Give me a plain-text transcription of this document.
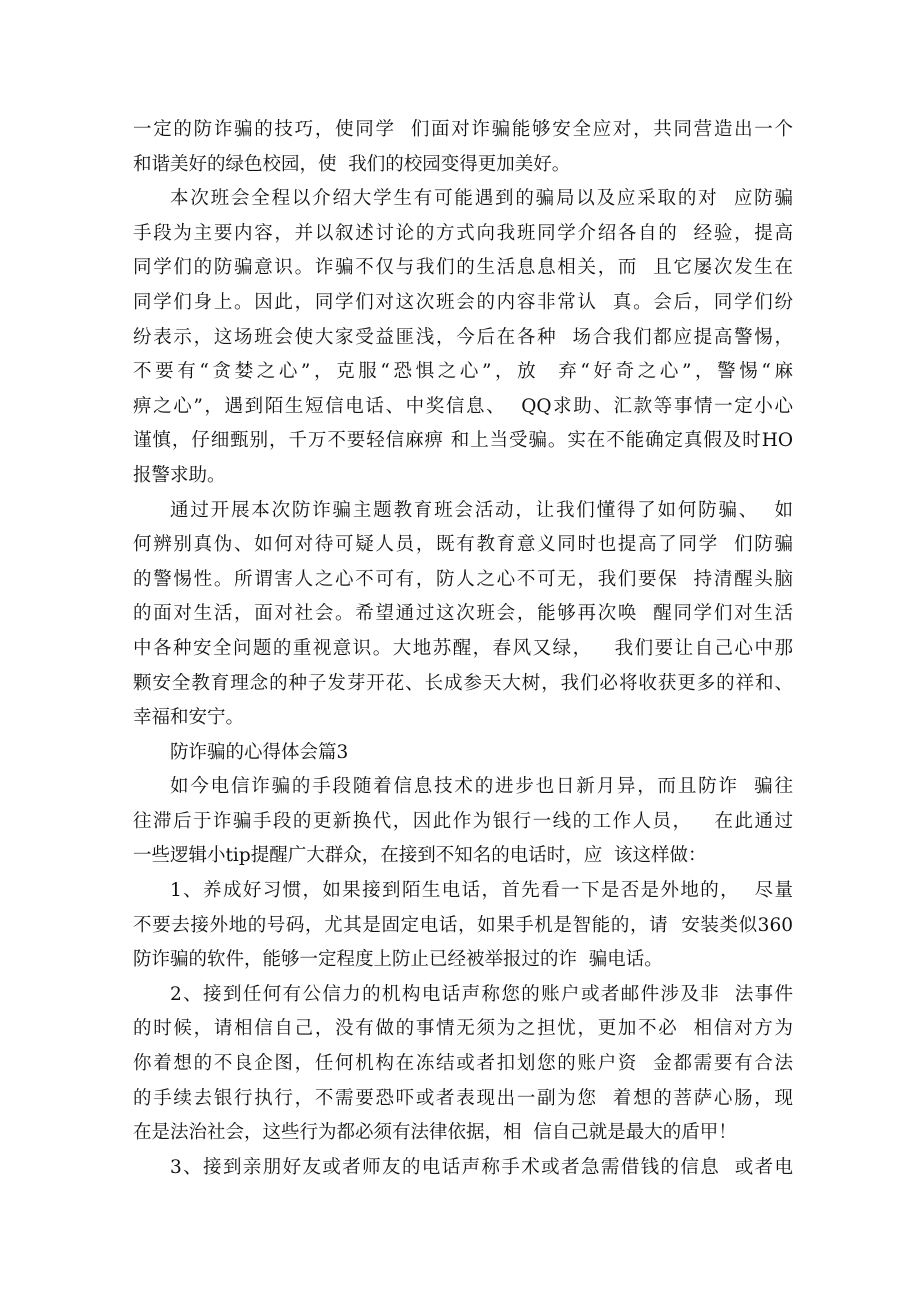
一定的防诈骗的技巧，使同学  们面对诈骗能够安全应对，共同营造出一个
和谐美好的绿色校园，使  我们的校园变得更加美好。
本次班会全程以介绍大学生有可能遇到的骗局以及应采取的对  应防骗
手段为主要内容，并以叙述讨论的方式向我班同学介绍各自的  经验，提高
同学们的防骗意识。诈骗不仅与我们的生活息息相关，而  且它屡次发生在
同学们身上。因此，同学们对这次班会的内容非常认  真。会后，同学们纷
纷表示，这场班会使大家受益匪浅，今后在各种  场合我们都应提高警惕，
不要有“贪婪之心”，克服“恐惧之心”，放  弃“好奇之心”，警惕“麻
痹之心”，遇到陌生短信电话、中奖信息、  QQ求助、汇款等事情一定小心
谨慎，仔细甄别，千万不要轻信麻痹 和上当受骗。实在不能确定真假及时HO
报警求助。
通过开展本次防诈骗主题教育班会活动，让我们懂得了如何防骗、  如
何辨别真伪、如何对待可疑人员，既有教育意义同时也提高了同学  们防骗
的警惕性。所谓害人之心不可有，防人之心不可无，我们要保  持清醒头脑
的面对生活，面对社会。希望通过这次班会，能够再次唤  醒同学们对生活
中各种安全问题的重视意识。大地苏醒，春风又绿，   我们要让自己心中那
颗安全教育理念的种子发芽开花、长成参天大树，我们必将收获更多的祥和、
幸福和安宁。
防诈骗的心得体会篇3
如今电信诈骗的手段随着信息技术的进步也日新月异，而且防诈  骗往
往滞后于诈骗手段的更新换代，因此作为银行一线的工作人员，   在此通过
一些逻辑小tip提醒广大群众，在接到不知名的电话时，应  该这样做：
1、养成好习惯，如果接到陌生电话，首先看一下是否是外地的，  尽量
不要去接外地的号码，尤其是固定电话，如果手机是智能的，请  安装类似360
防诈骗的软件，能够一定程度上防止已经被举报过的诈  骗电话。
2、接到任何有公信力的机构电话声称您的账户或者邮件涉及非  法事件
的时候，请相信自己，没有做的事情无须为之担忧，更加不必  相信对方为
你着想的不良企图，任何机构在冻结或者扣划您的账户资  金都需要有合法
的手续去银行执行，不需要恐吓或者表现出一副为您  着想的菩萨心肠，现
在是法治社会，这些行为都必须有法律依据，相  信自己就是最大的盾甲！
3、接到亲朋好友或者师友的电话声称手术或者急需借钱的信息  或者电
